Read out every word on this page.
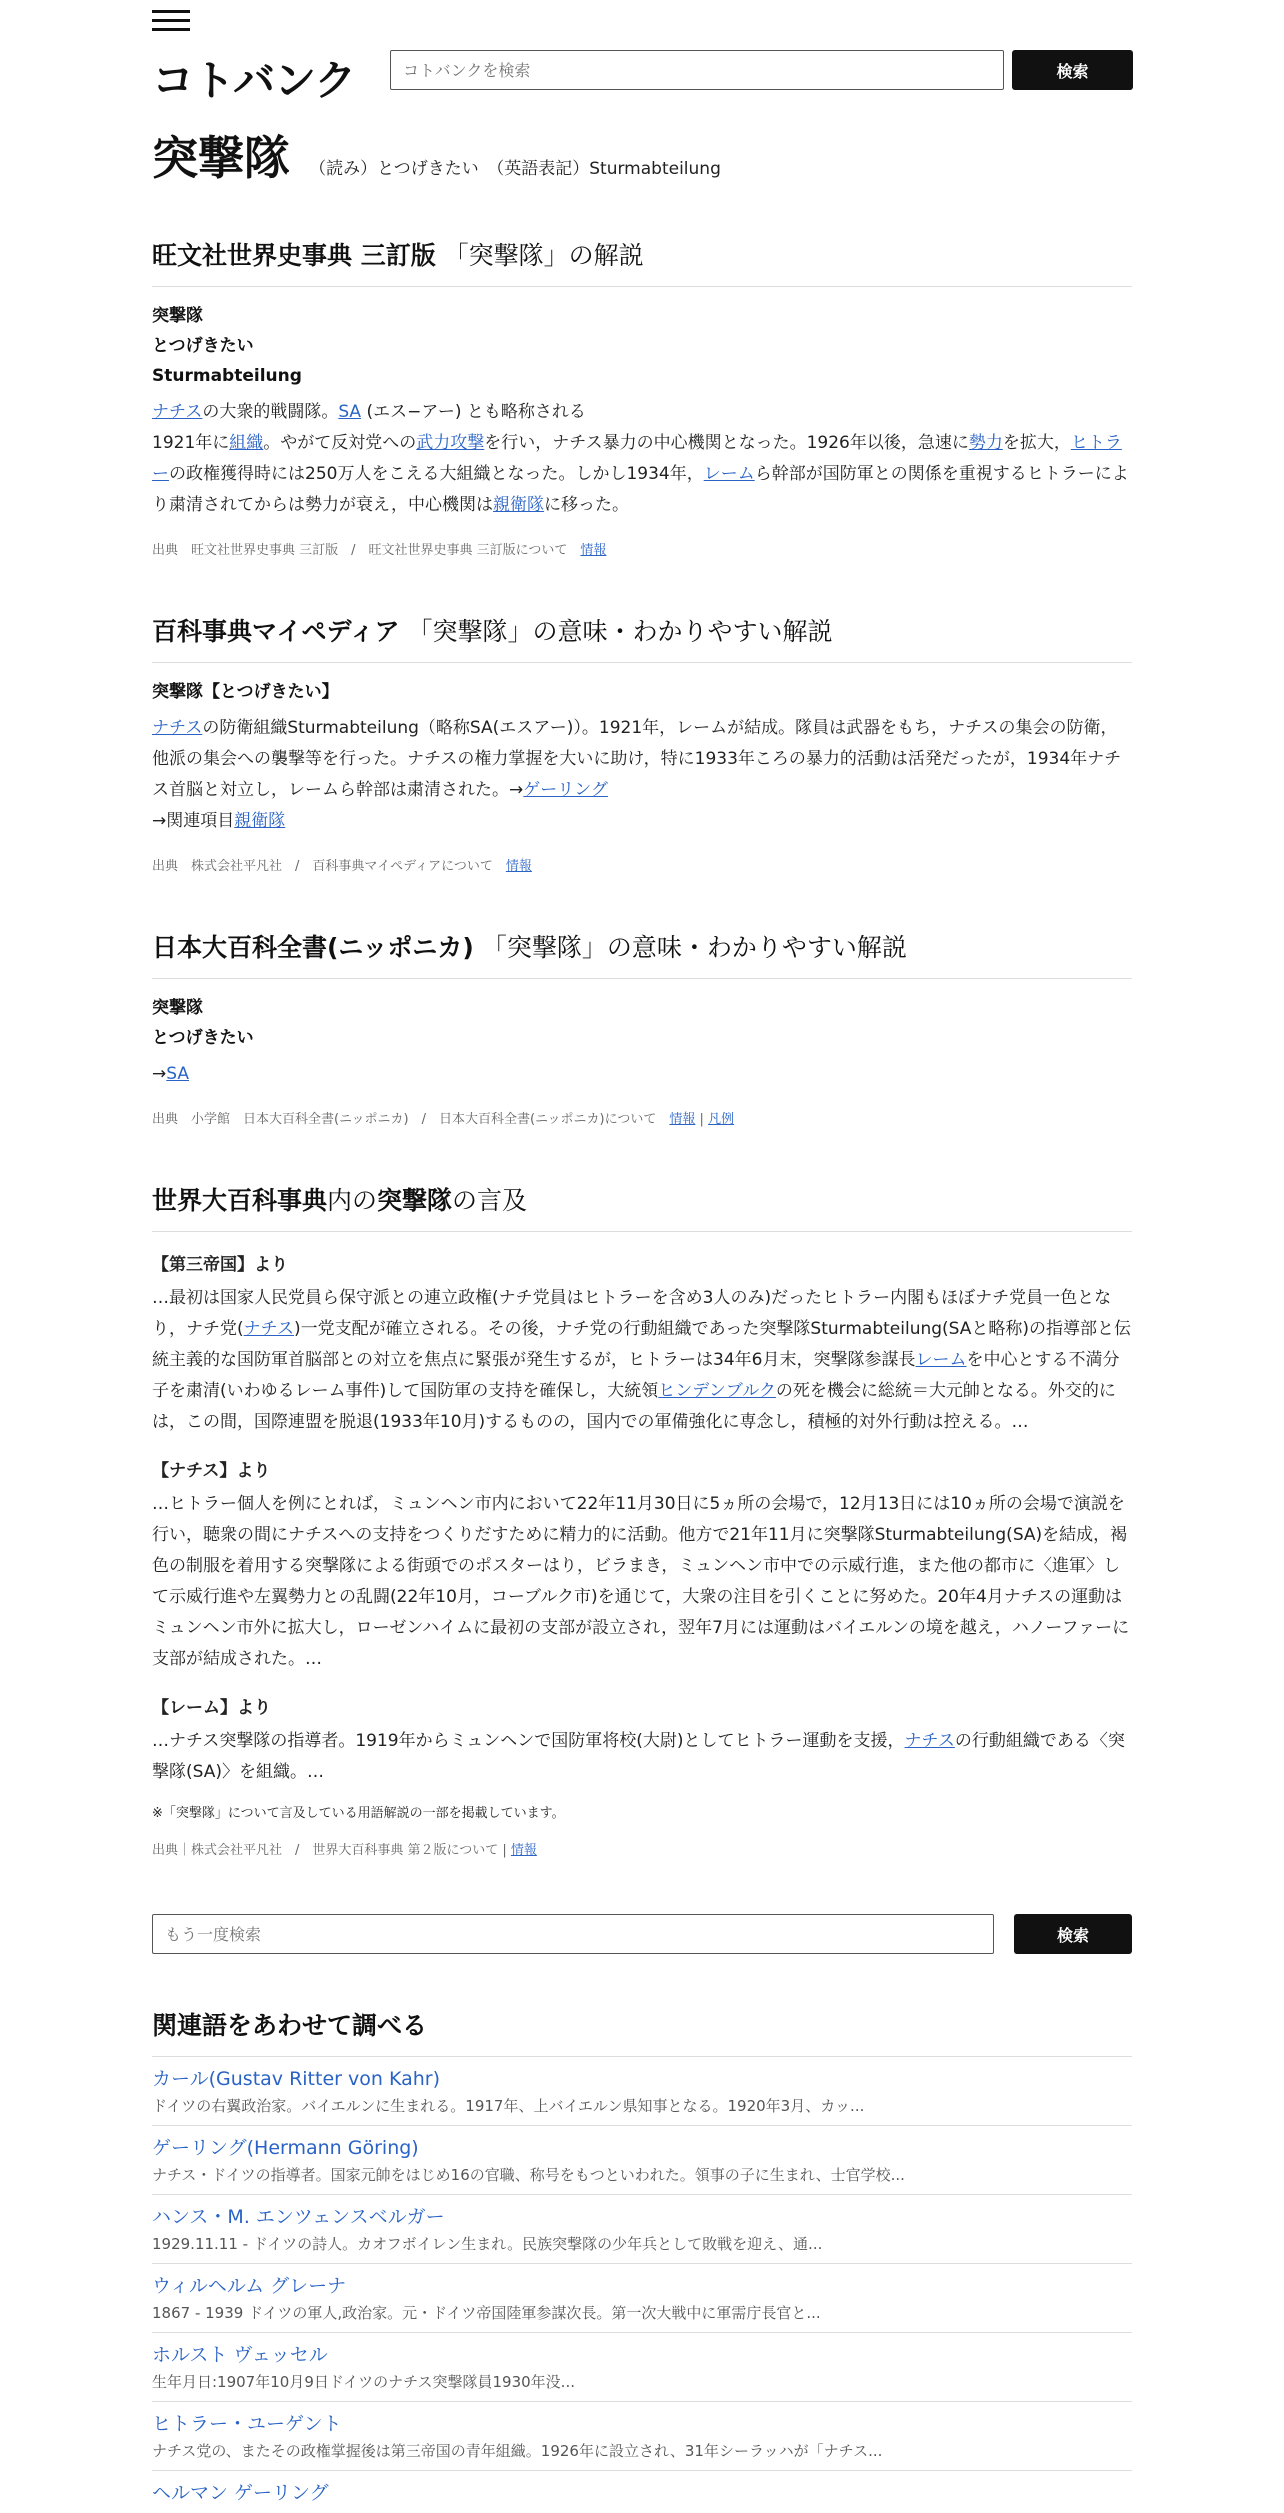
コトバンク
コトバンクを検索	検索
突撃隊 （読み）とつげきたい　（英語表記）Sturmabteilung
旺文社世界史事典 三訂版 「突撃隊」の解説
突撃隊
とつげきたい
Sturmabteilung

ナチスの大衆的戦闘隊。SA (エス−アー) とも略称される
1921年に組織。やがて反対党への武力攻撃を行い，ナチス暴力の中心機関となった。1926年以後，急速に勢力を拡大，ヒトラーの政権獲得時には250万人をこえる大組織となった。しかし1934年，レームら幹部が国防軍との関係を重視するヒトラーにより粛清されてからは勢力が衰え，中心機関は親衛隊に移った。

出典　旺文社世界史事典 三訂版　/　旺文社世界史事典 三訂版について　 情報
百科事典マイペディア 「突撃隊」の意味・わかりやすい解説
突撃隊【とつげきたい】

ナチスの防衛組織Sturmabteilung（略称SA(エスアー)）。1921年，レームが結成。隊員は武器をもち，ナチスの集会の防衛，他派の集会への襲撃等を行った。ナチスの権力掌握を大いに助け，特に1933年ころの暴力的活動は活発だったが，1934年ナチス首脳と対立し，レームら幹部は粛清された。→ゲーリング
→関連項目親衛隊

出典　株式会社平凡社　/　百科事典マイペディアについて　 情報
日本大百科全書(ニッポニカ) 「突撃隊」の意味・わかりやすい解説
突撃隊
とつげきたい

→SA

出典　小学館　日本大百科全書(ニッポニカ)　/　日本大百科全書(ニッポニカ)について　 情報 | 凡例
世界大百科事典内の突撃隊の言及
【第三帝国】より

…最初は国家人民党員ら保守派との連立政権(ナチ党員はヒトラーを含め3人のみ)だったヒトラー内閣もほぼナチ党員一色となり，ナチ党(ナチス)一党支配が確立される。その後，ナチ党の行動組織であった突撃隊Sturmabteilung(SAと略称)の指導部と伝統主義的な国防軍首脳部との対立を焦点に緊張が発生するが，ヒトラーは34年6月末，突撃隊参謀長レームを中心とする不満分子を粛清(いわゆるレーム事件)して国防軍の支持を確保し，大統領ヒンデンブルクの死を機会に総統＝大元帥となる。外交的には，この間，国際連盟を脱退(1933年10月)するものの，国内での軍備強化に専念し，積極的対外行動は控える。…

【ナチス】より

…ヒトラー個人を例にとれば，ミュンヘン市内において22年11月30日に5ヵ所の会場で，12月13日には10ヵ所の会場で演説を行い，聴衆の間にナチスへの支持をつくりだすために精力的に活動。他方で21年11月に突撃隊Sturmabteilung(SA)を結成，褐色の制服を着用する突撃隊による街頭でのポスターはり，ビラまき，ミュンヘン市中での示威行進，また他の都市に〈進軍〉して示威行進や左翼勢力との乱闘(22年10月，コーブルク市)を通じて，大衆の注目を引くことに努めた。20年4月ナチスの運動はミュンヘン市外に拡大し，ローゼンハイムに最初の支部が設立され，翌年7月には運動はバイエルンの境を越え，ハノーファーに支部が結成された。…

【レーム】より

…ナチス突撃隊の指導者。1919年からミュンヘンで国防軍将校(大尉)としてヒトラー運動を支援，ナチスの行動組織である〈突撃隊(SA)〉を組織。…

※「突撃隊」について言及している用語解説の一部を掲載しています。
出典｜株式会社平凡社　/　世界大百科事典 第２版について | 情報
もう一度検索
検索
関連語をあわせて調べる
カール(Gustav Ritter von Kahr)
ドイツの右翼政治家。バイエルンに生まれる。1917年、上バイエルン県知事となる。1920年3月、カッ...
ゲーリング(Hermann Göring)
ナチス・ドイツの指導者。国家元帥をはじめ16の官職、称号をもつといわれた。領事の子に生まれ、士官学校...
ハンス・M. エンツェンスベルガー
1929.11.11 - ドイツの詩人。カオフボイレン生まれ。民族突撃隊の少年兵として敗戦を迎え、通...
ウィルヘルム グレーナ
1867 - 1939 ドイツの軍人,政治家。元・ドイツ帝国陸軍参謀次長。第一次大戦中に軍需庁長官と...
ホルスト ヴェッセル
生年月日:1907年10月9日ドイツのナチス突撃隊員1930年没...
ヒトラー・ユーゲント
ナチス党の、またその政権掌握後は第三帝国の青年組織。1926年に設立され、31年シーラッハが「ナチス...
ヘルマン ゲーリング
